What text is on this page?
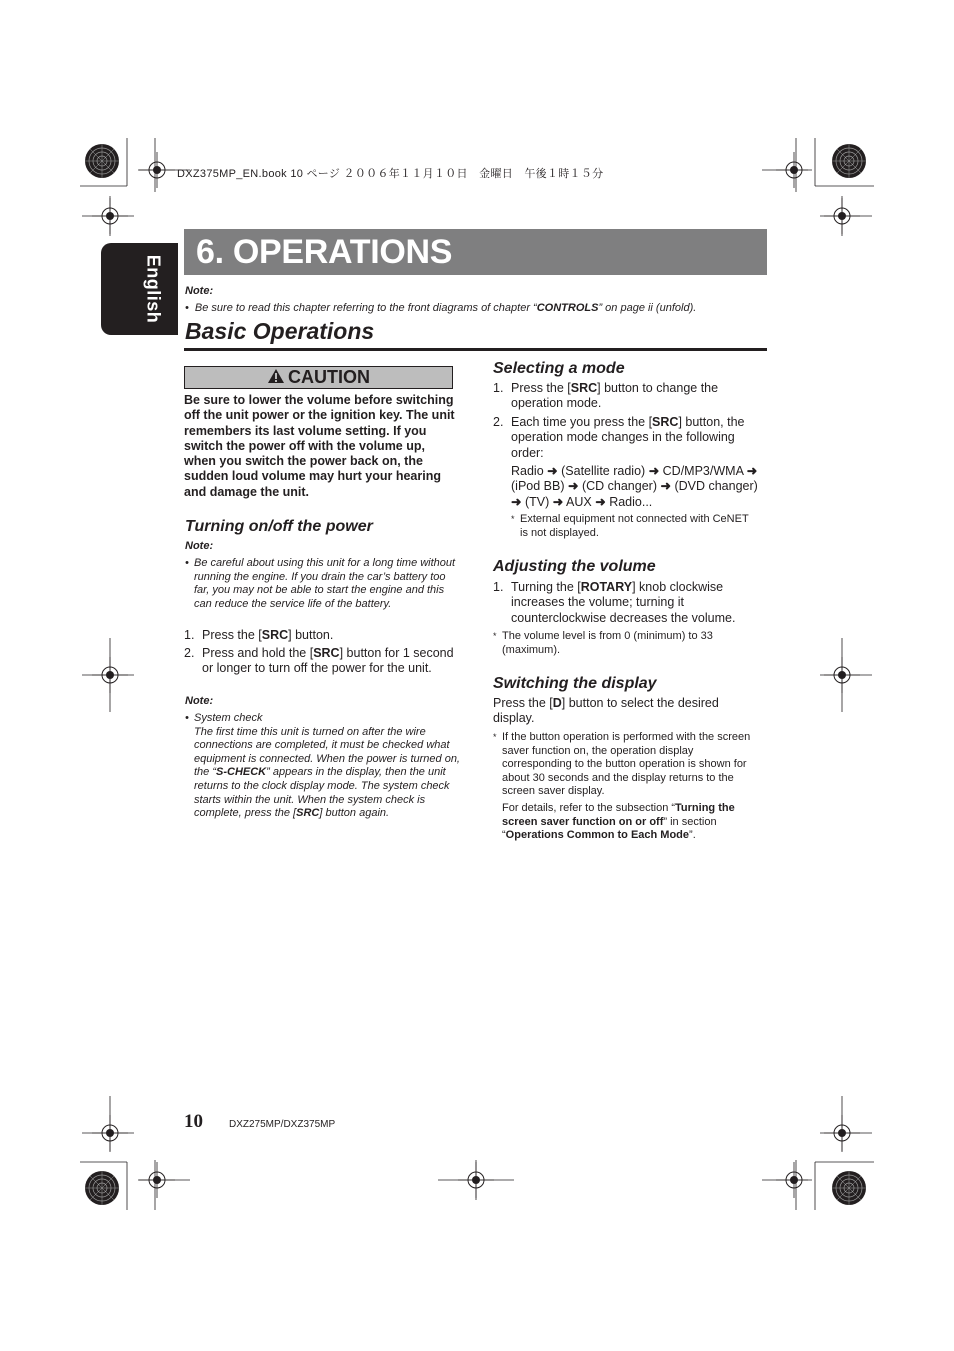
DXZ375MP_EN.book 10 ページ ２００６年１１月１０日　金曜日　午後１時１５分
English
6. OPERATIONS
Note:
• Be sure to read this chapter referring to the front diagrams of chapter “CONTROLS” on page ii (unfold).
Basic Operations
CAUTION
Be sure to lower the volume before switching off the unit power or the ignition key. The unit remembers its last volume setting. If you switch the power off with the volume up, when you switch the power back on, the sudden loud volume may hurt your hearing and damage the unit.
Turning on/off the power
Note:
• Be careful about using this unit for a long time without running the engine. If you drain the car’s battery too far, you may not be able to start the engine and this can reduce the service life of the battery.
1. Press the [SRC] button.
2. Press and hold the [SRC] button for 1 second or longer to turn off the power for the unit.
Note:
• System check
The first time this unit is turned on after the wire connections are completed, it must be checked what equipment is connected. When the power is turned on, the “S-CHECK” appears in the display, then the unit returns to the clock display mode. The system check starts within the unit. When the system check is complete, press the [SRC] button again.
Selecting a mode
1. Press the [SRC] button to change the operation mode.
2. Each time you press the [SRC] button, the operation mode changes in the following order:
Radio ➜ (Satellite radio) ➜ CD/MP3/WMA ➜ (iPod BB) ➜ (CD changer) ➜ (DVD changer) ➜ (TV) ➜ AUX ➜ Radio...
* External equipment not connected with CeNET is not displayed.
Adjusting the volume
1. Turning the [ROTARY] knob clockwise increases the volume; turning it counterclockwise decreases the volume.
* The volume level is from 0 (minimum) to 33 (maximum).
Switching the display
Press the [D] button to select the desired display.
* If the button operation is performed with the screen saver function on, the operation display corresponding to the button operation is shown for about 30 seconds and the display returns to the screen saver display.
For details, refer to the subsection “Turning the screen saver function on or off” in section “Operations Common to Each Mode”.
10	DXZ275MP/DXZ375MP
